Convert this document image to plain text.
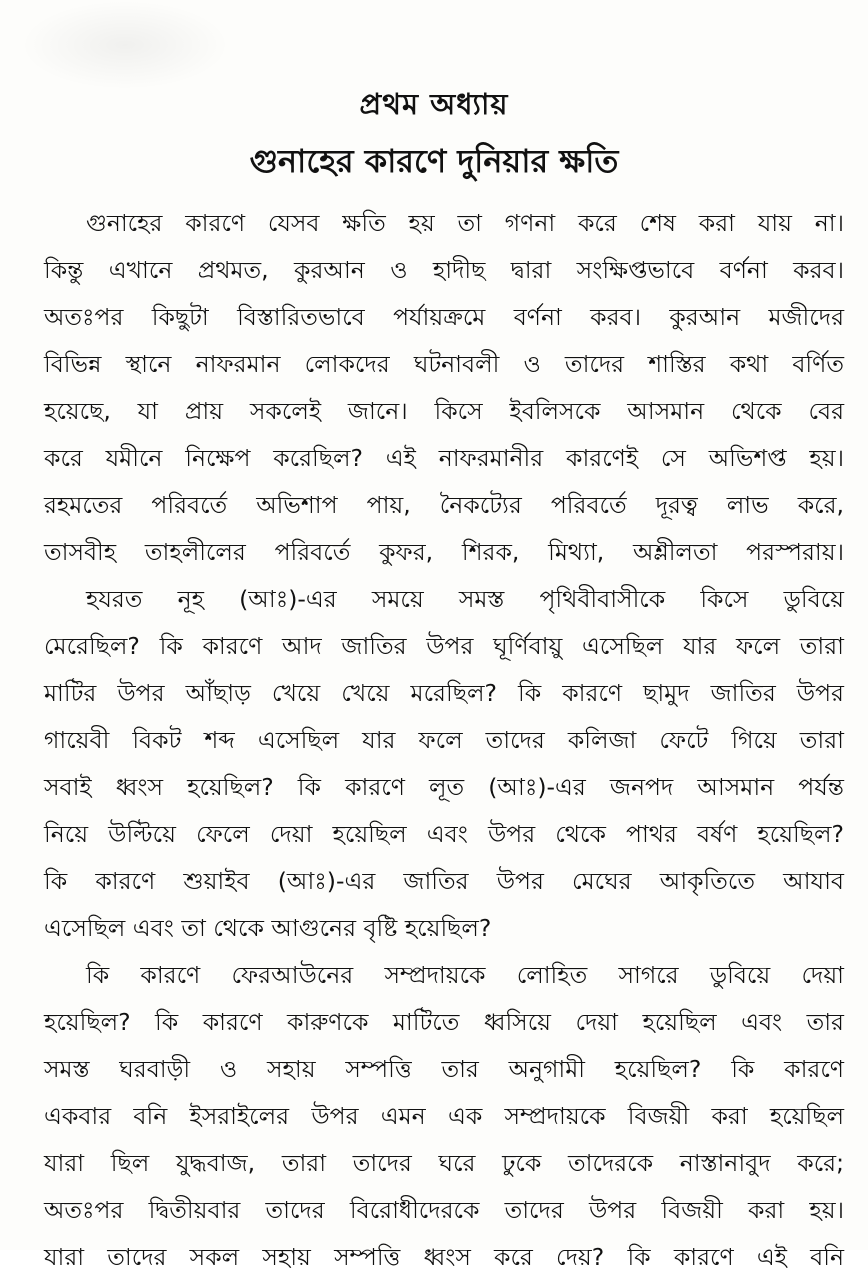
প্রথম অধ্যায়
গুনাহের কারণে দুনিয়ার ক্ষতি
গুনাহের কারণে যেসব ক্ষতি হয় তা গণনা করে শেষ করা যায় না।
কিন্তু এখানে প্রথমত, কুরআন ও হাদীছ দ্বারা সংক্ষিপ্তভাবে বর্ণনা করব।
অতঃপর কিছুটা বিস্তারিতভাবে পর্যায়ক্রমে বর্ণনা করব। কুরআন মজীদের
বিভিন্ন স্থানে নাফরমান লোকদের ঘটনাবলী ও তাদের শাস্তির কথা বর্ণিত
হয়েছে, যা প্রায় সকলেই জানে। কিসে ইবলিসকে আসমান থেকে বের
করে যমীনে নিক্ষেপ করেছিল? এই নাফরমানীর কারণেই সে অভিশপ্ত হয়।
রহমতের পরিবর্তে অভিশাপ পায়, নৈকট্যের পরিবর্তে দূরত্ব লাভ করে,
তাসবীহ তাহলীলের পরিবর্তে কুফর, শিরক, মিথ্যা, অশ্লীলতা পরস্পরায়।
হযরত নূহ (আঃ)-এর সময়ে সমস্ত পৃথিবীবাসীকে কিসে ডুবিয়ে
মেরেছিল? কি কারণে আদ জাতির উপর ঘূর্ণিবায়ু এসেছিল যার ফলে তারা
মাটির উপর আঁছাড় খেয়ে খেয়ে মরেছিল? কি কারণে ছামুদ জাতির উপর
গায়েবী বিকট শব্দ এসেছিল যার ফলে তাদের কলিজা ফেটে গিয়ে তারা
সবাই ধ্বংস হয়েছিল? কি কারণে লূত (আঃ)-এর জনপদ আসমান পর্যন্ত
নিয়ে উল্টিয়ে ফেলে দেয়া হয়েছিল এবং উপর থেকে পাথর বর্ষণ হয়েছিল?
কি কারণে শুয়াইব (আঃ)-এর জাতির উপর মেঘের আকৃতিতে আযাব
এসেছিল এবং তা থেকে আগুনের বৃষ্টি হয়েছিল?
কি কারণে ফেরআউনের সম্প্রদায়কে লোহিত সাগরে ডুবিয়ে দেয়া
হয়েছিল? কি কারণে কারুণকে মাটিতে ধ্বসিয়ে দেয়া হয়েছিল এবং তার
সমস্ত ঘরবাড়ী ও সহায় সম্পত্তি তার অনুগামী হয়েছিল? কি কারণে
একবার বনি ইসরাইলের উপর এমন এক সম্প্রদায়কে বিজয়ী করা হয়েছিল
যারা ছিল যুদ্ধবাজ, তারা তাদের ঘরে ঢুকে তাদেরকে নাস্তানাবুদ করে;
অতঃপর দ্বিতীয়বার তাদের বিরোধীদেরকে তাদের উপর বিজয়ী করা হয়।
যারা তাদের সকল সহায় সম্পত্তি ধ্বংস করে দেয়? কি কারণে এই বনি
